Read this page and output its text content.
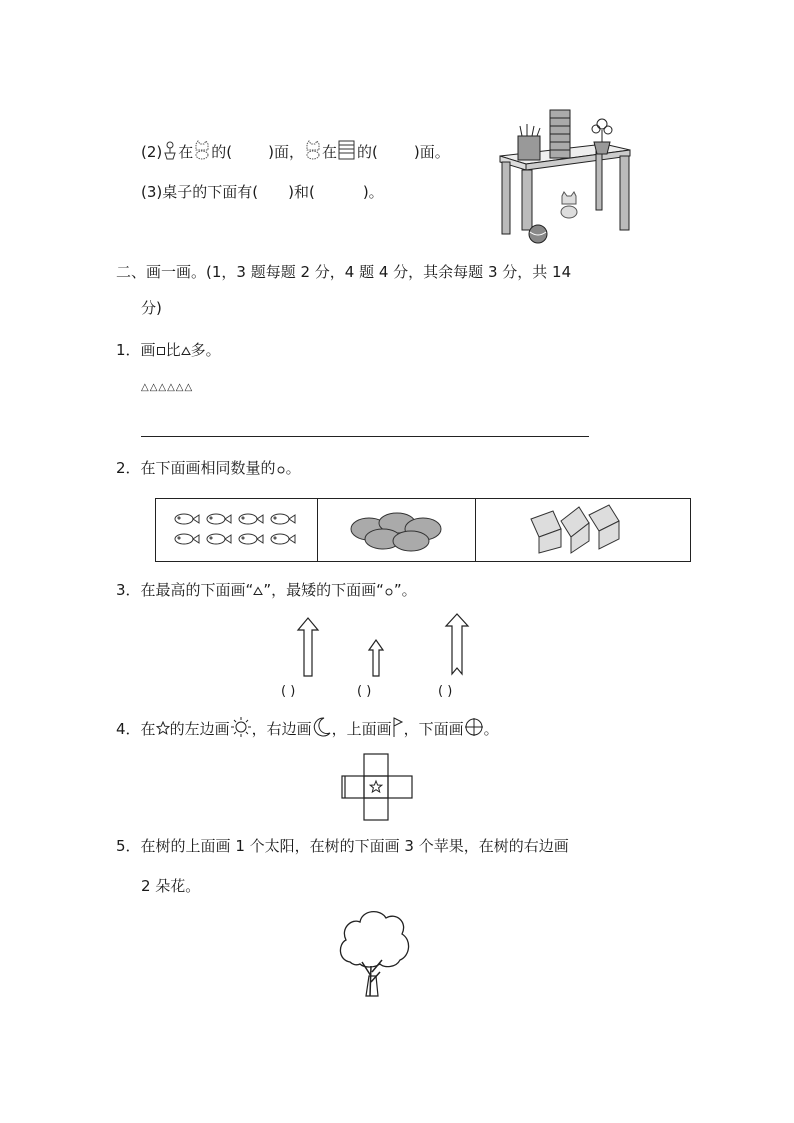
(2) 在 的( )面， 在 的( )面。
(3)桌子的下面有( )和(	)。
二、画一画。(1，3 题每题 2 分，4 题 4 分，其余每题 3 分，共 14
分)
1．画 比 多。
△△△△△△
2．在下面画相同数量的 。
3．在最高的下面画“ ”，最矮的下面画“ ”。
( )	( )	( )
4．在 的左边画 ，右边画 ，上面画 ，下面画 。
5．在树的上面画 1 个太阳，在树的下面画 3 个苹果，在树的右边画
2 朵花。
